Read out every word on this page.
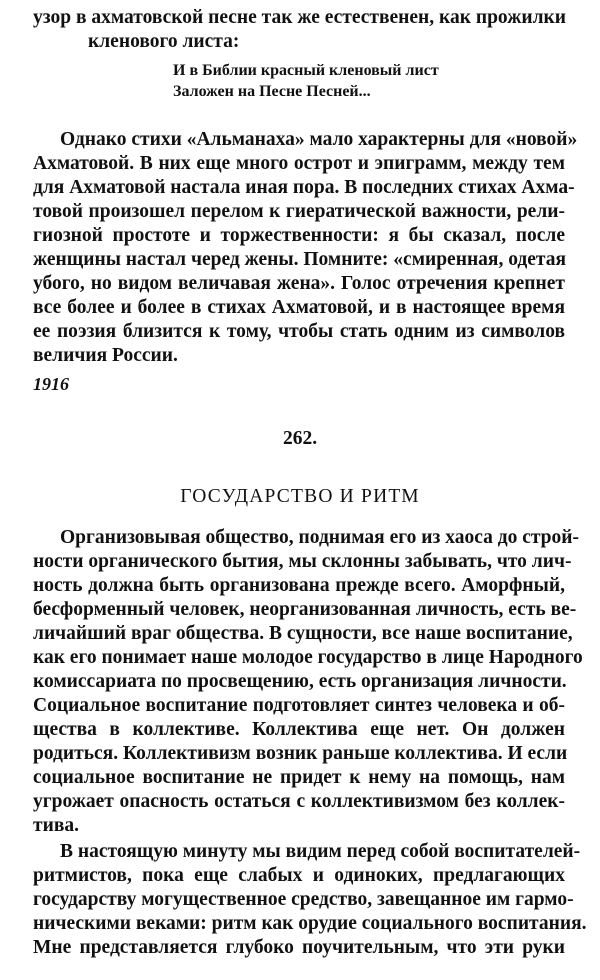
узор в ахматовской песне так же естественен, как прожилки
кленового листа:
И в Библии красный кленовый лист
Заложен на Песне Песней...
Однако стихи «Альманаха» мало характерны для «новой»
Ахматовой. В них еще много острот и эпиграмм, между тем
для Ахматовой настала иная пора. В последних стихах Ахма-
товой произошел перелом к гиератической важности, рели-
гиозной простоте и торжественности: я бы сказал, после
женщины настал черед жены. Помните: «смиренная, одетая
убого, но видом величавая жена». Голос отречения крепнет
все более и более в стихах Ахматовой, и в настоящее время
ее поэзия близится к тому, чтобы стать одним из символов
величия России.
1916
262.
ГОСУДАРСТВО И РИТМ
Организовывая общество, поднимая его из хаоса до строй-
ности органического бытия, мы склонны забывать, что лич-
ность должна быть организована прежде всего. Аморфный,
бесформенный человек, неорганизованная личность, есть ве-
личайший враг общества. В сущности, все наше воспитание,
как его понимает наше молодое государство в лице Народного
комиссариата по просвещению, есть организация личности.
Социальное воспитание подготовляет синтез человека и об-
щества в коллективе. Коллектива еще нет. Он должен
родиться. Коллективизм возник раньше коллектива. И если
социальное воспитание не придет к нему на помощь, нам
угрожает опасность остаться с коллективизмом без коллек-
тива.
В настоящую минуту мы видим перед собой воспитателей-
ритмистов, пока еще слабых и одиноких, предлагающих
государству могущественное средство, завещанное им гармо-
ническими веками: ритм как орудие социального воспитания.
Мне представляется глубоко поучительным, что эти руки
